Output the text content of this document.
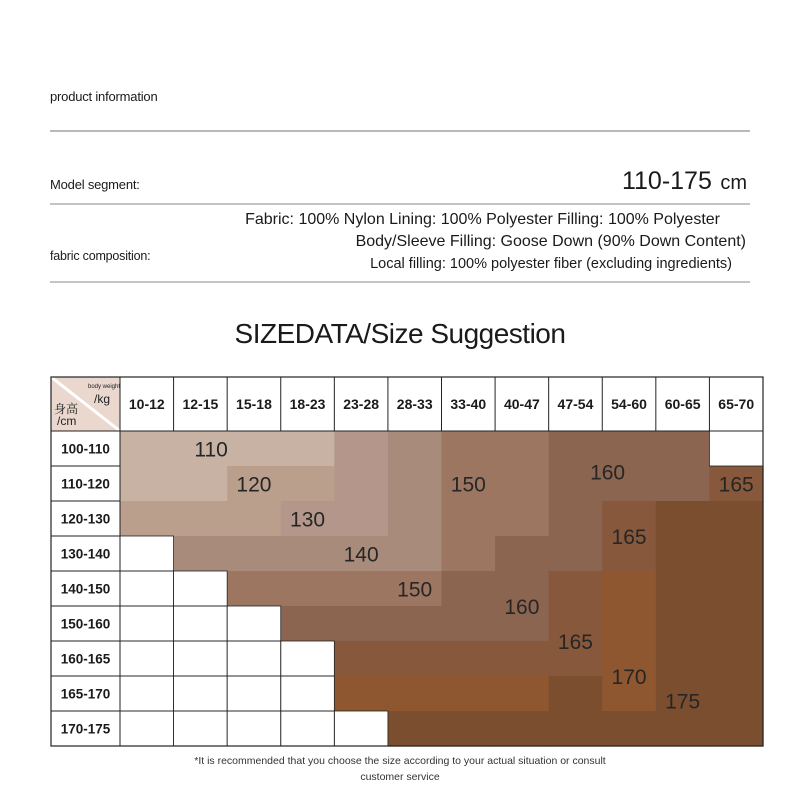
product information
Model segment:	110-175 cm
fabric composition:
Fabric: 100% Nylon Lining: 100% Polyester Filling: 100% Polyester
Body/Sleeve Filling: Goose Down (90% Down Content)
Local filling: 100% polyester fiber (excluding ingredients)
SIZEDATA/Size Suggestion
10-12 12-15 15-18 18-23 23-28 28-33 33-40 40-47 47-54 54-60 60-65 65-70
100-110
110-120
120-130
130-140
140-150
150-160
160-165
165-170
170-175
body weight
/kg
身高
/cm
110
120
130
140
150
150
160
160
165
165
165
170
175
*It is recommended that you choose the size according to your actual situation or consult
customer service
